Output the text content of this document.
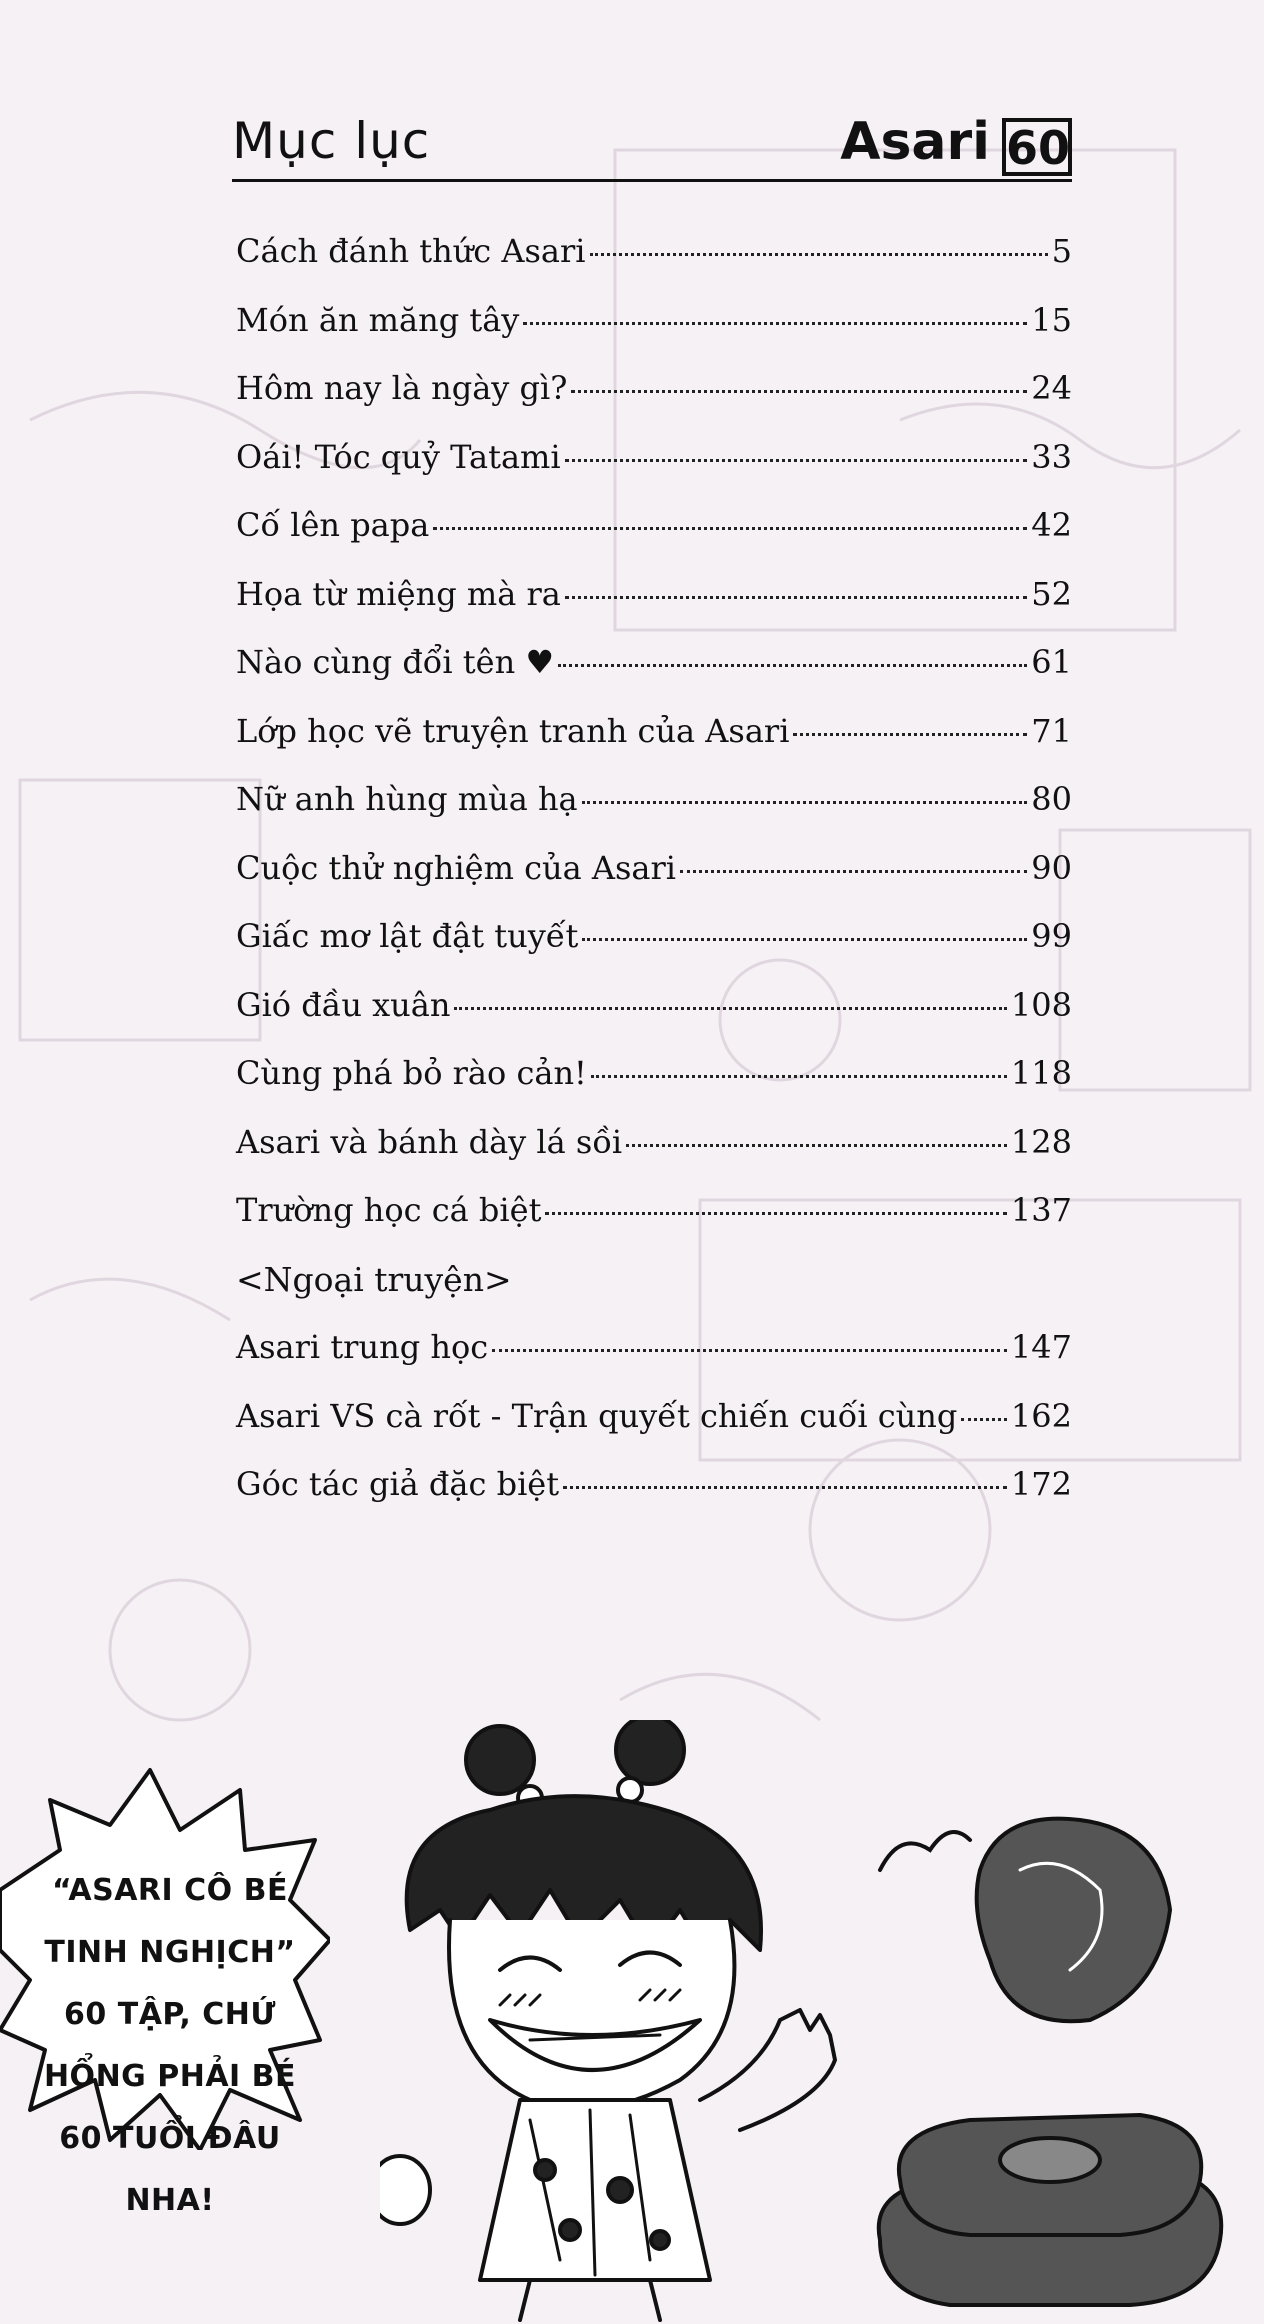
Mục lục	Asari 60
Cách đánh thức Asari	5
Món ăn măng tây	15
Hôm nay là ngày gì?	24
Oái! Tóc quỷ Tatami	33
Cố lên papa	42
Họa từ miệng mà ra	52
Nào cùng đổi tên ♥	61
Lớp học vẽ truyện tranh của Asari	71
Nữ anh hùng mùa hạ	80
Cuộc thử nghiệm của Asari	90
Giấc mơ lật đật tuyết	99
Gió đầu xuân	108
Cùng phá bỏ rào cản!	118
Asari và bánh dày lá sồi	128
Trường học cá biệt	137
<Ngoại truyện>
Asari trung học	147
Asari VS cà rốt - Trận quyết chiến cuối cùng 162
Góc tác giả đặc biệt	172
“ASARI CÔ BÉ TINH NGHỊCH” 60 TẬP, CHỨ HỔNG PHẢI BÉ 60 TUỔI ĐÂU NHA!
